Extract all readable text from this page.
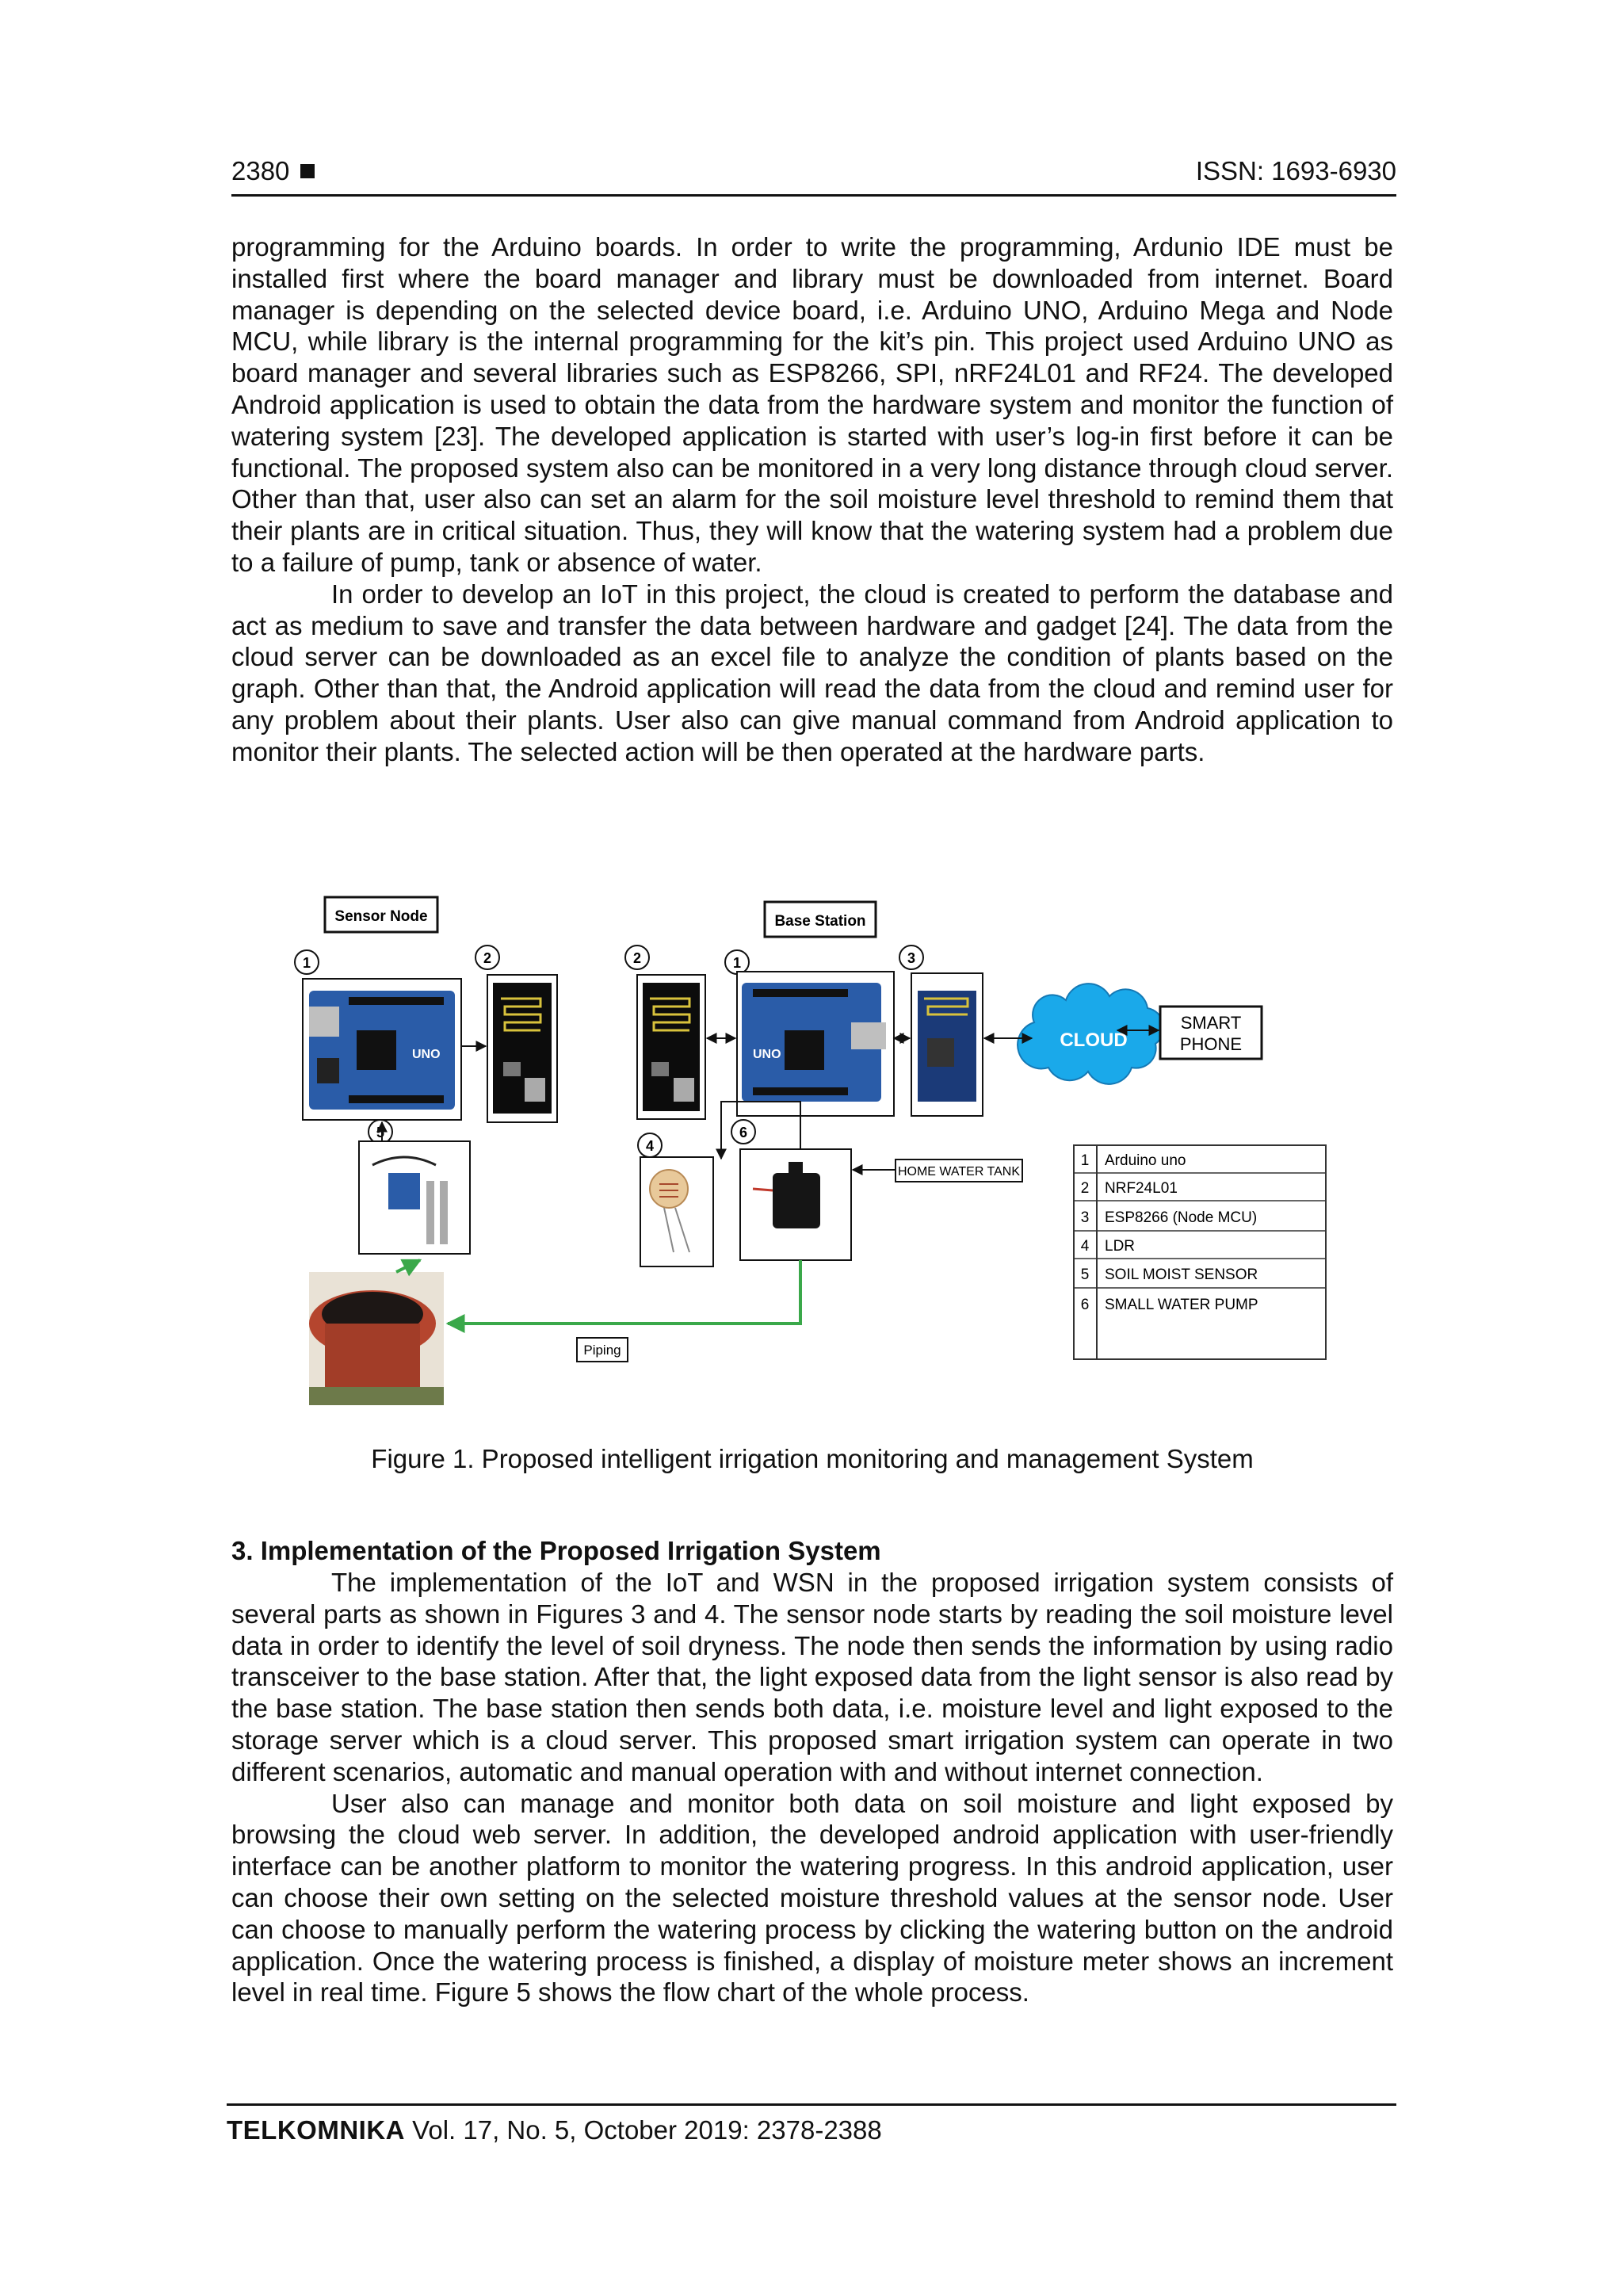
2380	ISSN: 1693-6930

programming for the Arduino boards. In order to write the programming, Ardunio IDE must be installed first where the board manager and library must be downloaded from internet. Board manager is depending on the selected device board, i.e. Arduino UNO, Arduino Mega and Node MCU, while library is the internal programming for the kit’s pin. This project used Arduino UNO as board manager and several libraries such as ESP8266, SPI, nRF24L01 and RF24. The developed Android application is used to obtain the data from the hardware system and monitor the function of watering system [23]. The developed application is started with user’s log-in first before it can be functional. The proposed system also can be monitored in a very long distance through cloud server. Other than that, user also can set an alarm for the soil moisture level threshold to remind them that their plants are in critical situation. Thus, they will know that the watering system had a problem due to a failure of pump, tank or absence of water.

In order to develop an IoT in this project, the cloud is created to perform the database and act as medium to save and transfer the data between hardware and gadget [24]. The data from the cloud server can be downloaded as an excel file to analyze the condition of plants based on the graph. Other than that, the Android application will read the data from the cloud and remind user for any problem about their plants. User also can give manual command from Android application to monitor their plants. The selected action will be then operated at the hardware parts.

Sensor Node	Base Station
1	2	2	1	3
4
5	6
UNO	UNO
CLOUD
SMART
PHONE
HOME WATER TANK
Piping
1 Arduino uno
2 NRF24L01
3 ESP8266 (Node MCU)
4 LDR
5 SOIL MOIST SENSOR
6 SMALL WATER PUMP
Figure 1. Proposed intelligent irrigation monitoring and management System
3. Implementation of the Proposed Irrigation System

The implementation of the IoT and WSN in the proposed irrigation system consists of several parts as shown in Figures 3 and 4. The sensor node starts by reading the soil moisture level data in order to identify the level of soil dryness. The node then sends the information by using radio transceiver to the base station. After that, the light exposed data from the light sensor is also read by the base station. The base station then sends both data, i.e. moisture level and light exposed to the storage server which is a cloud server. This proposed smart irrigation system can operate in two different scenarios, automatic and manual operation with and without internet connection.

User also can manage and monitor both data on soil moisture and light exposed by browsing the cloud web server. In addition, the developed android application with user-friendly interface can be another platform to monitor the watering progress. In this android application, user can choose their own setting on the selected moisture threshold values at the sensor node. User can choose to manually perform the watering process by clicking the watering button on the android application. Once the watering process is finished, a display of moisture meter shows an increment level in real time. Figure 5 shows the flow chart of the whole process.

TELKOMNIKA Vol. 17, No. 5, October 2019: 2378-2388
